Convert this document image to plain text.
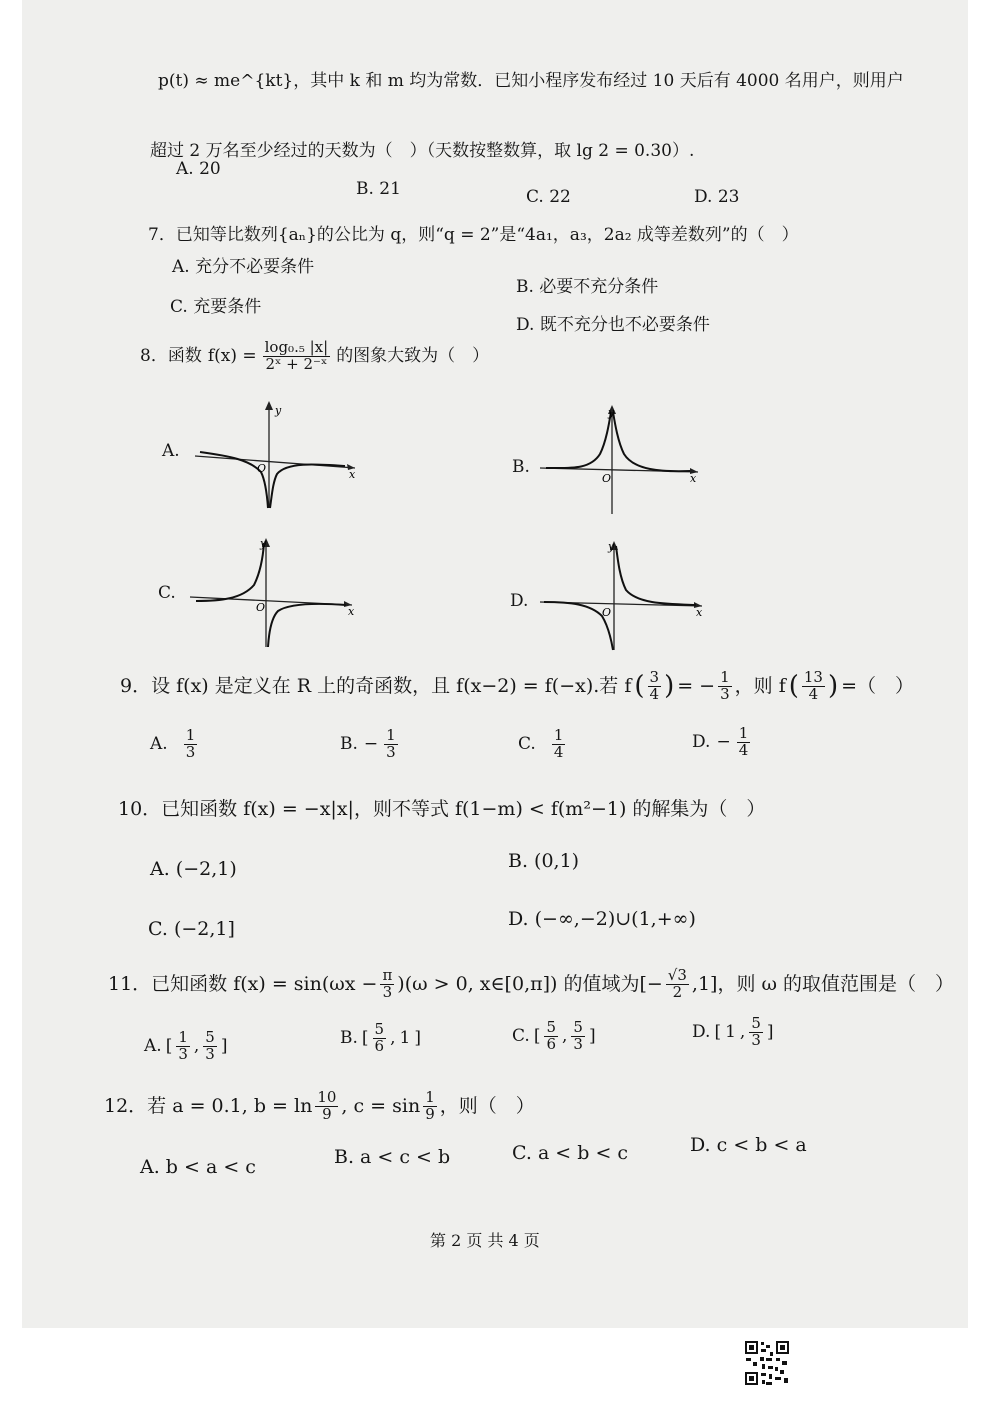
p(t) ≈ me^{kt}，其中 k 和 m 均为常数．已知小程序发布经过 10 天后有 4000 名用户，则用户
超过 2 万名至少经过的天数为（　）（天数按整数算，取 lg 2 = 0.30）.
A. 20
B. 21	C. 22	D. 23
7．已知等比数列{aₙ}的公比为 q，则“q = 2”是“4a₁，a₃，2a₂ 成等差数列”的（　）
A. 充分不必要条件
B. 必要不充分条件
C. 充要条件
D. 既不充分也不必要条件
8．函数 $f(x) = \frac{\text{log₀.₅ |x|}}{\text{2ˣ + 2⁻ˣ}}$ 的图象大致为（　）
A.
y
x
O	B.
y
x
O
C.
y
x
O	D.
y
x
O
9．设 f(x) 是定义在 R 上的奇函数，且 f(x−2) = f(−x).若 f ( $\frac{3}{4}$ ) = − $\frac{1}{3}$ ，则 f ( $\frac{13}{4}$ ) =（　）
A. $\frac{1}{3}$	B. − $\frac{1}{3}$	C. $\frac{1}{4}$	D. − $\frac{1}{4}$
10．已知函数 f(x) = −x|x|，则不等式 f(1−m) < f(m²−1) 的解集为（　）
A. (−2,1)	B. (0,1)
C. (−2,1]	D. (−∞,−2)∪(1,+∞)
11．已知函数 $f(x) = \sin(\omega x - \frac{\pi}{3} )(\omega > 0$, x∈[0,π]) 的值域为[− $\frac{√3}{2} ,1$]，则 ω 的取值范围是（　）
A. [ $\frac{1}{3}$ , $\frac{5}{3}$ ]	B. [ $\frac{5}{6}$ , 1 ]	C. [ $\frac{5}{6}$ , $\frac{5}{3}$ ]	D. [ 1 , $\frac{5}{3}$ ]
12．若 a = 0.1, $b = \ln \frac{10}{9}$ , $c = \sin \frac{1}{9}$ ，则（　）
A. b < a < c	B. a < c < b	C. a < b < c	D. c < b < a
第 2 页 共 4 页
